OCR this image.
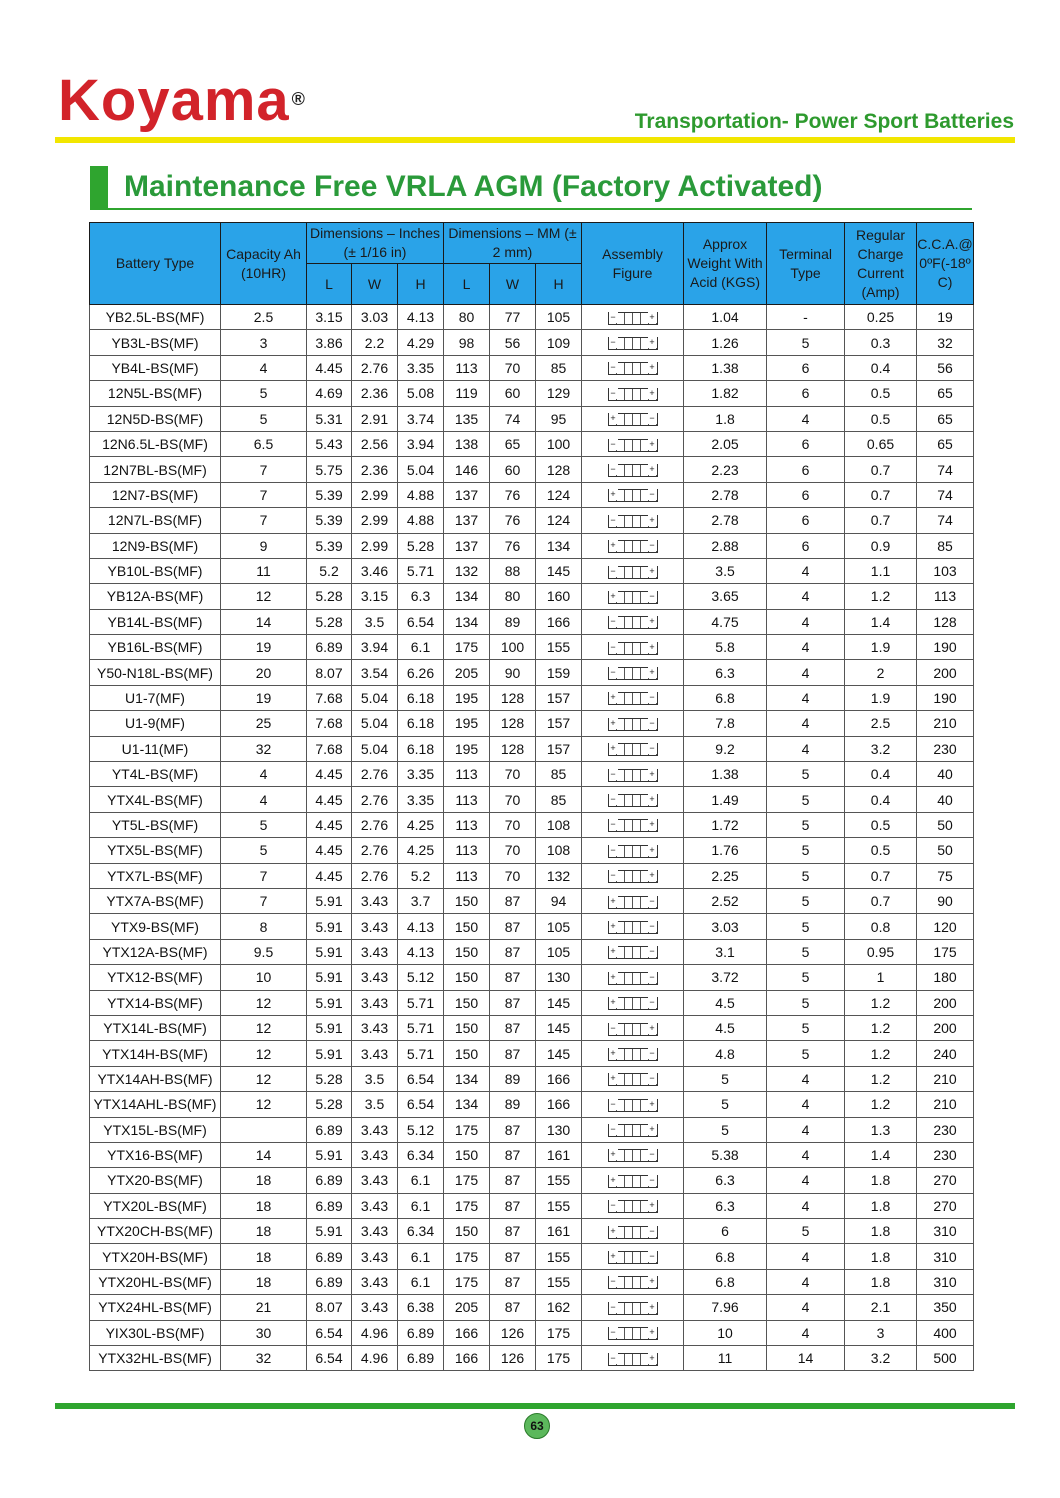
Koyama ®
Transportation- Power Sport Batteries
Maintenance Free VRLA AGM (Factory Activated)
Battery Type	Capacity Ah (10HR)	Dimensions – Inches (± 1/16 in)			Dimensions – MM (± 2 mm)			Assembly Figure	Approx Weight With Acid (KGS)	Terminal Type	Regular Charge Current (Amp)	C.C.A.@ 0ºF(-18º C)
		L	W	H	L	W	H					
YB2.5L-BS(MF)	2.5	3.15	3.03	4.13	80	77	105	− +	1.04	-	0.25	19
YB3L-BS(MF)	3	3.86	2.2	4.29	98	56	109	− +	1.26	5	0.3	32
YB4L-BS(MF)	4	4.45	2.76	3.35	113	70	85	− +	1.38	6	0.4	56
12N5L-BS(MF)	5	4.69	2.36	5.08	119	60	129	− +	1.82	6	0.5	65
12N5D-BS(MF)	5	5.31	2.91	3.74	135	74	95	+ −	1.8	4	0.5	65
12N6.5L-BS(MF)	6.5	5.43	2.56	3.94	138	65	100	− +	2.05	6	0.65	65
12N7BL-BS(MF)	7	5.75	2.36	5.04	146	60	128	− +	2.23	6	0.7	74
12N7-BS(MF)	7	5.39	2.99	4.88	137	76	124	+ −	2.78	6	0.7	74
12N7L-BS(MF)	7	5.39	2.99	4.88	137	76	124	− +	2.78	6	0.7	74
12N9-BS(MF)	9	5.39	2.99	5.28	137	76	134	+ −	2.88	6	0.9	85
YB10L-BS(MF)	11	5.2	3.46	5.71	132	88	145	− +	3.5	4	1.1	103
YB12A-BS(MF)	12	5.28	3.15	6.3	134	80	160	+ −	3.65	4	1.2	113
YB14L-BS(MF)	14	5.28	3.5	6.54	134	89	166	− +	4.75	4	1.4	128
YB16L-BS(MF)	19	6.89	3.94	6.1	175	100	155	− +	5.8	4	1.9	190
Y50-N18L-BS(MF)	20	8.07	3.54	6.26	205	90	159	− +	6.3	4	2	200
U1-7(MF)	19	7.68	5.04	6.18	195	128	157	+ −	6.8	4	1.9	190
U1-9(MF)	25	7.68	5.04	6.18	195	128	157	+ −	7.8	4	2.5	210
U1-11(MF)	32	7.68	5.04	6.18	195	128	157	+ −	9.2	4	3.2	230
YT4L-BS(MF)	4	4.45	2.76	3.35	113	70	85	− +	1.38	5	0.4	40
YTX4L-BS(MF)	4	4.45	2.76	3.35	113	70	85	− +	1.49	5	0.4	40
YT5L-BS(MF)	5	4.45	2.76	4.25	113	70	108	− +	1.72	5	0.5	50
YTX5L-BS(MF)	5	4.45	2.76	4.25	113	70	108	− +	1.76	5	0.5	50
YTX7L-BS(MF)	7	4.45	2.76	5.2	113	70	132	− +	2.25	5	0.7	75
YTX7A-BS(MF)	7	5.91	3.43	3.7	150	87	94	+ −	2.52	5	0.7	90
YTX9-BS(MF)	8	5.91	3.43	4.13	150	87	105	+ −	3.03	5	0.8	120
YTX12A-BS(MF)	9.5	5.91	3.43	4.13	150	87	105	+ −	3.1	5	0.95	175
YTX12-BS(MF)	10	5.91	3.43	5.12	150	87	130	+ −	3.72	5	1	180
YTX14-BS(MF)	12	5.91	3.43	5.71	150	87	145	+ −	4.5	5	1.2	200
YTX14L-BS(MF)	12	5.91	3.43	5.71	150	87	145	− +	4.5	5	1.2	200
YTX14H-BS(MF)	12	5.91	3.43	5.71	150	87	145	+ −	4.8	5	1.2	240
YTX14AH-BS(MF)	12	5.28	3.5	6.54	134	89	166	+ −	5	4	1.2	210
YTX14AHL-BS(MF)	12	5.28	3.5	6.54	134	89	166	− +	5	4	1.2	210
YTX15L-BS(MF)		6.89	3.43	5.12	175	87	130	− +	5	4	1.3	230
YTX16-BS(MF)	14	5.91	3.43	6.34	150	87	161	+ −	5.38	4	1.4	230
YTX20-BS(MF)	18	6.89	3.43	6.1	175	87	155	+ −	6.3	4	1.8	270
YTX20L-BS(MF)	18	6.89	3.43	6.1	175	87	155	− +	6.3	4	1.8	270
YTX20CH-BS(MF)	18	5.91	3.43	6.34	150	87	161	+ −	6	5	1.8	310
YTX20H-BS(MF)	18	6.89	3.43	6.1	175	87	155	+ −	6.8	4	1.8	310
YTX20HL-BS(MF)	18	6.89	3.43	6.1	175	87	155	− +	6.8	4	1.8	310
YTX24HL-BS(MF)	21	8.07	3.43	6.38	205	87	162	− +	7.96	4	2.1	350
YIX30L-BS(MF)	30	6.54	4.96	6.89	166	126	175	− +	10	4	3	400
YTX32HL-BS(MF)	32	6.54	4.96	6.89	166	126	175	− +	11	14	3.2	500
63
